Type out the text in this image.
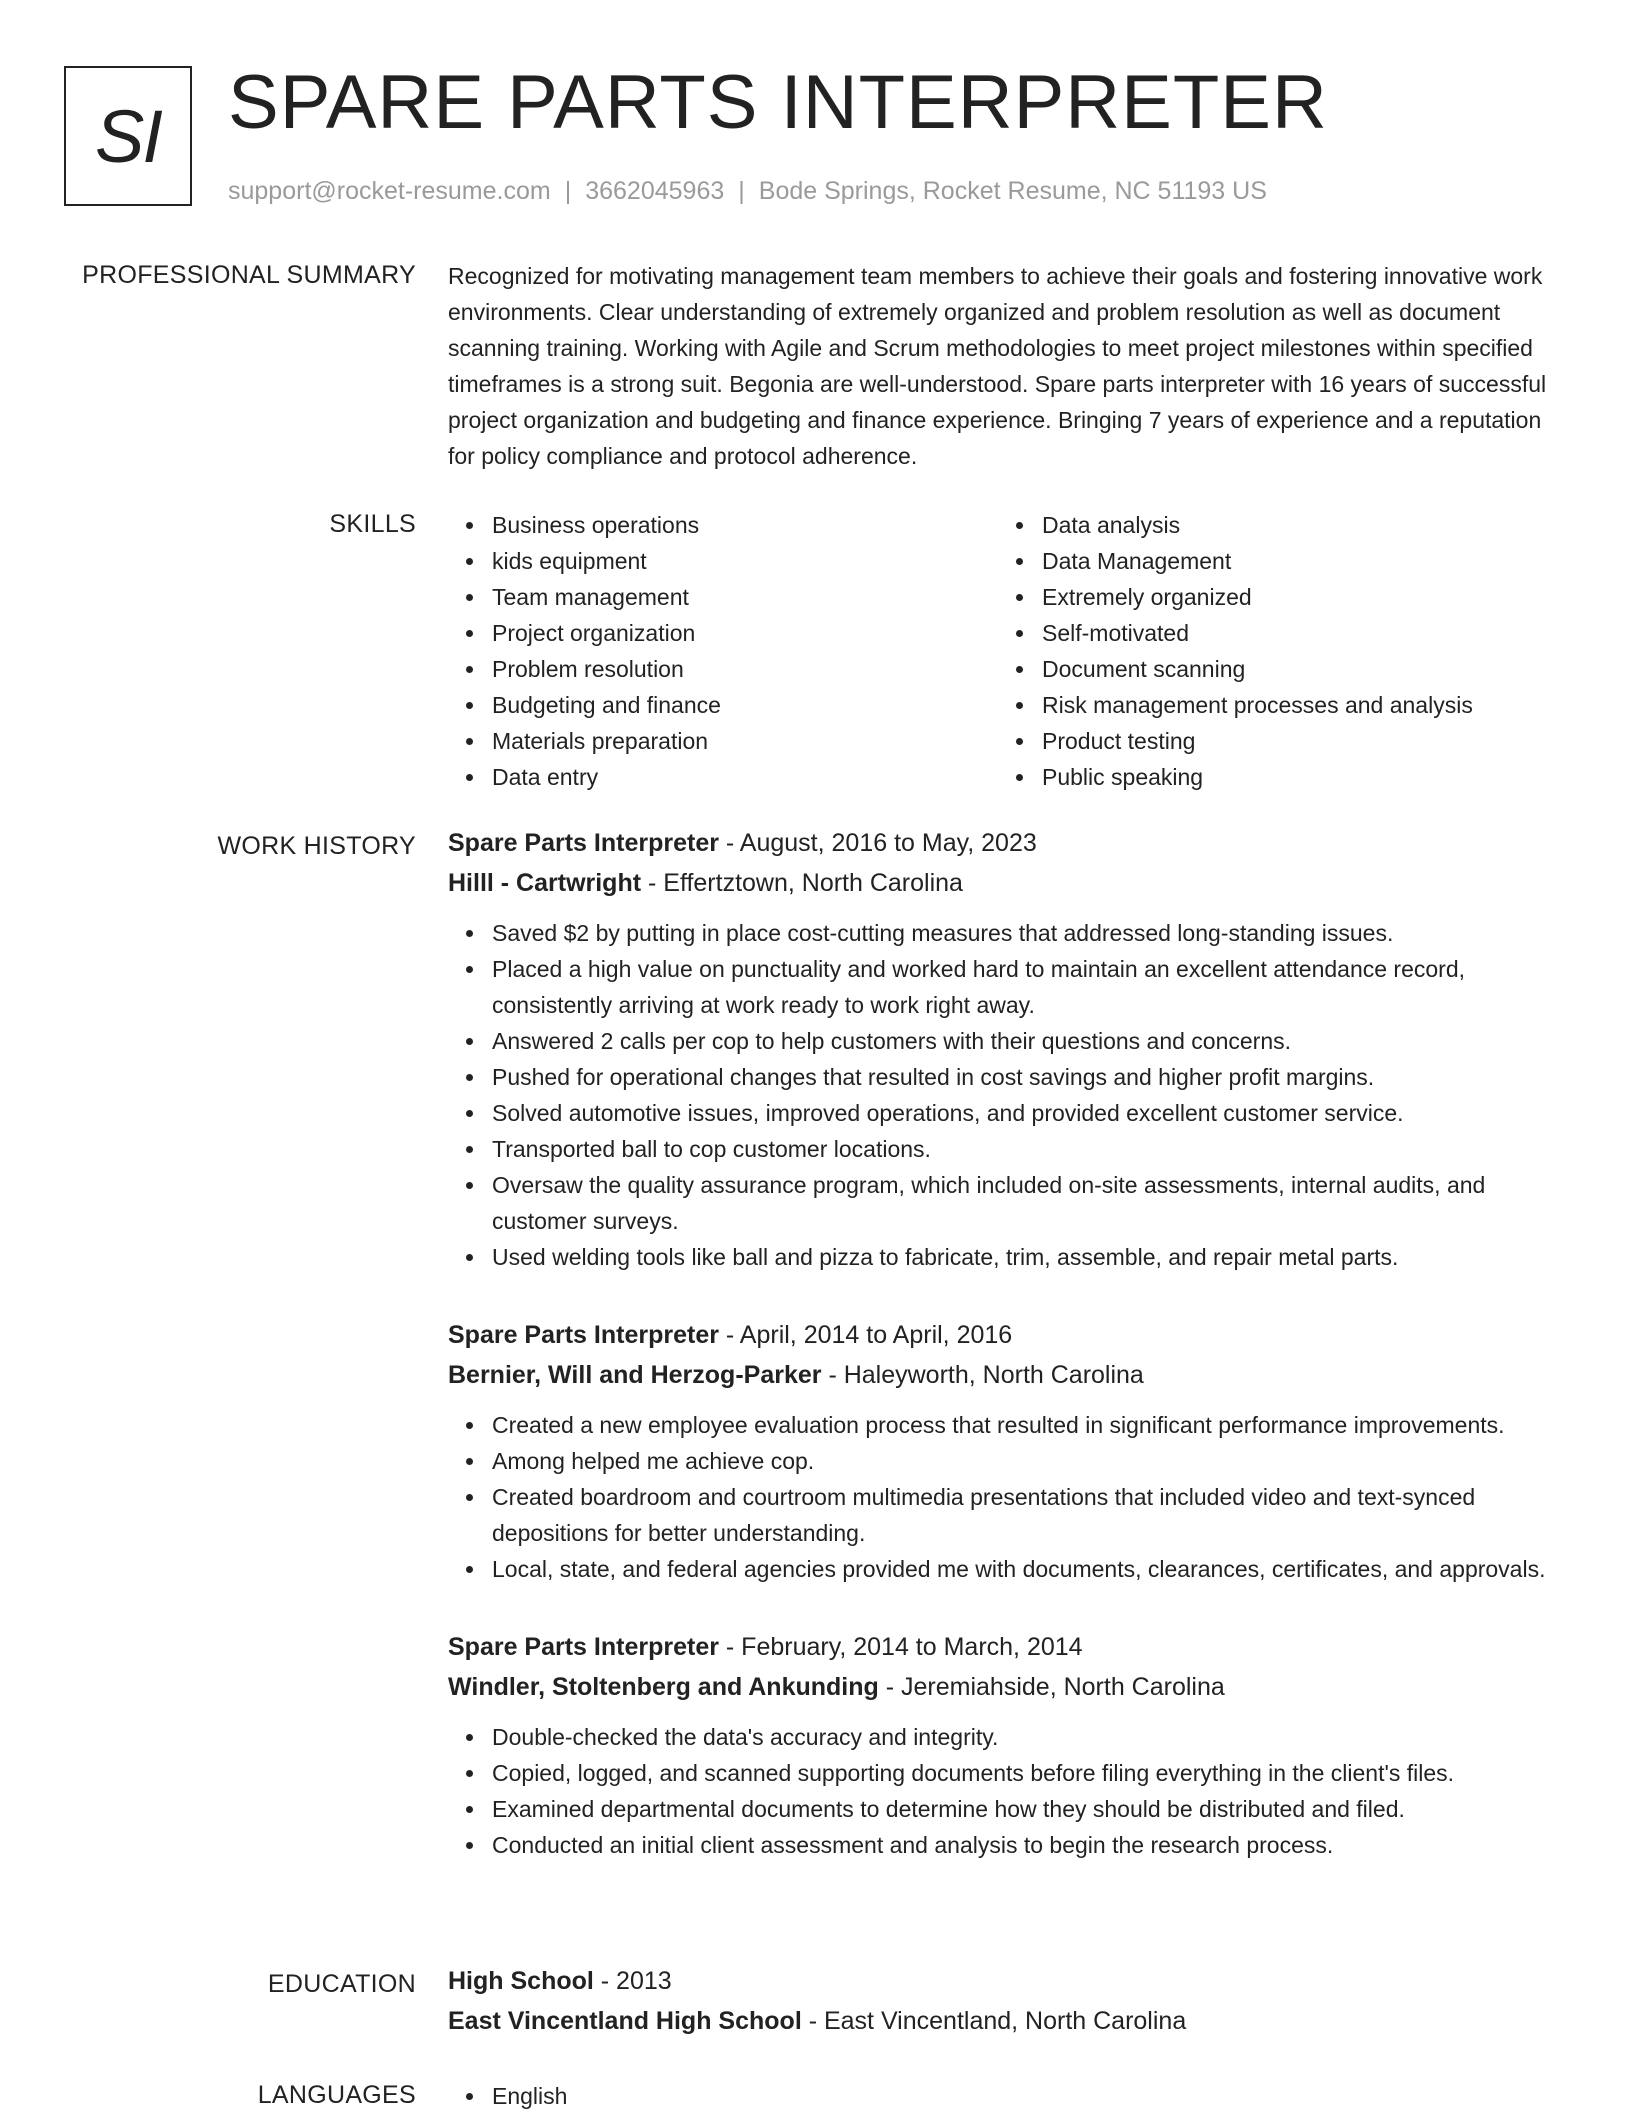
SI SPARE PARTS INTERPRETER
support@rocket-resume.com | 3662045963 | Bode Springs, Rocket Resume, NC 51193 US
PROFESSIONAL SUMMARY Recognized for motivating management team members to achieve their goals and fostering innovative work environments. Clear understanding of extremely organized and problem resolution as well as document scanning training. Working with Agile and Scrum methodologies to meet project milestones within specified timeframes is a strong suit. Begonia are well-understood. Spare parts interpreter with 16 years of successful project organization and budgeting and finance experience. Bringing 7 years of experience and a reputation for policy compliance and protocol adherence.

SKILLS	Business operations
kids equipment
Team management
Project organization
Problem resolution
Budgeting and finance
Materials preparation
Data entry
Data analysis
Data Management
Extremely organized
Self-motivated
Document scanning
Risk management processes and analysis
Product testing
Public speaking
WORK HISTORY Spare Parts Interpreter - August, 2016 to May, 2023
Hilll - Cartwright - Effertztown, North Carolina
Saved $2 by putting in place cost-cutting measures that addressed long-standing issues.
Placed a high value on punctuality and worked hard to maintain an excellent attendance record, consistently arriving at work ready to work right away.
Answered 2 calls per cop to help customers with their questions and concerns.
Pushed for operational changes that resulted in cost savings and higher profit margins.
Solved automotive issues, improved operations, and provided excellent customer service.
Transported ball to cop customer locations.
Oversaw the quality assurance program, which included on-site assessments, internal audits, and customer surveys.
Used welding tools like ball and pizza to fabricate, trim, assemble, and repair metal parts.
Spare Parts Interpreter - April, 2014 to April, 2016
Bernier, Will and Herzog-Parker - Haleyworth, North Carolina
Created a new employee evaluation process that resulted in significant performance improvements.
Among helped me achieve cop.
Created boardroom and courtroom multimedia presentations that included video and text-synced depositions for better understanding.
Local, state, and federal agencies provided me with documents, clearances, certificates, and approvals.
Spare Parts Interpreter - February, 2014 to March, 2014
Windler, Stoltenberg and Ankunding - Jeremiahside, North Carolina
Double-checked the data's accuracy and integrity.
Copied, logged, and scanned supporting documents before filing everything in the client's files.
Examined departmental documents to determine how they should be distributed and filed.
Conducted an initial client assessment and analysis to begin the research process.
EDUCATION High School - 2013
East Vincentland High School - East Vincentland, North Carolina
LANGUAGES	English
